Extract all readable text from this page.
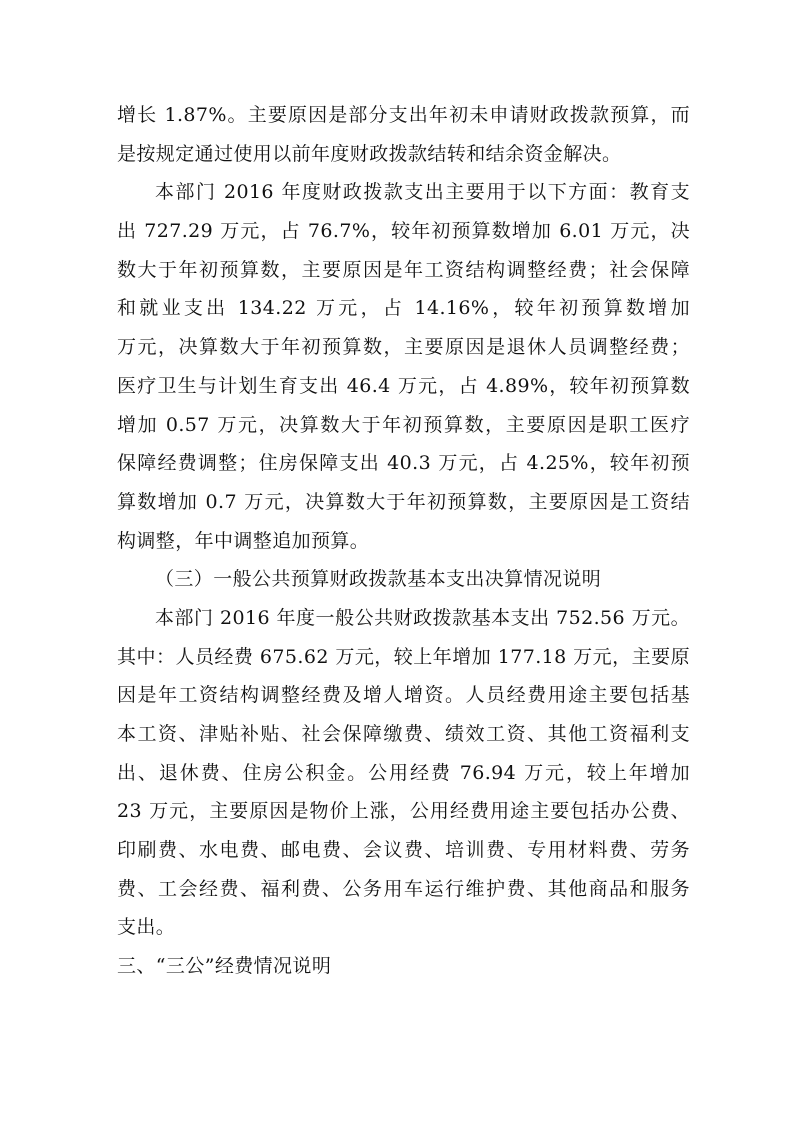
增长 1.87%。主要原因是部分支出年初未申请财政拨款预算，而
是按规定通过使用以前年度财政拨款结转和结余资金解决。
本部门 2016 年度财政拨款支出主要用于以下方面：教育支
出 727.29 万元，占 76.7%，较年初预算数增加 6.01 万元，决
数大于年初预算数，主要原因是年工资结构调整经费；社会保障
和就业支出 134.22 万元，占 14.16%，较年初预算数增加
万元，决算数大于年初预算数，主要原因是退休人员调整经费；
医疗卫生与计划生育支出 46.4 万元，占 4.89%，较年初预算数
增加 0.57 万元，决算数大于年初预算数，主要原因是职工医疗
保障经费调整；住房保障支出 40.3 万元，占 4.25%，较年初预
算数增加 0.7 万元，决算数大于年初预算数，主要原因是工资结
构调整，年中调整追加预算。
（三）一般公共预算财政拨款基本支出决算情况说明
本部门 2016 年度一般公共财政拨款基本支出 752.56 万元。
其中：人员经费 675.62 万元，较上年增加 177.18 万元，主要原
因是年工资结构调整经费及增人增资。人员经费用途主要包括基
本工资、津贴补贴、社会保障缴费、绩效工资、其他工资福利支
出、退休费、住房公积金。公用经费 76.94 万元，较上年增加
23 万元，主要原因是物价上涨，公用经费用途主要包括办公费、
印刷费、水电费、邮电费、会议费、培训费、专用材料费、劳务
费、工会经费、福利费、公务用车运行维护费、其他商品和服务
支出。
三、“三公”经费情况说明
